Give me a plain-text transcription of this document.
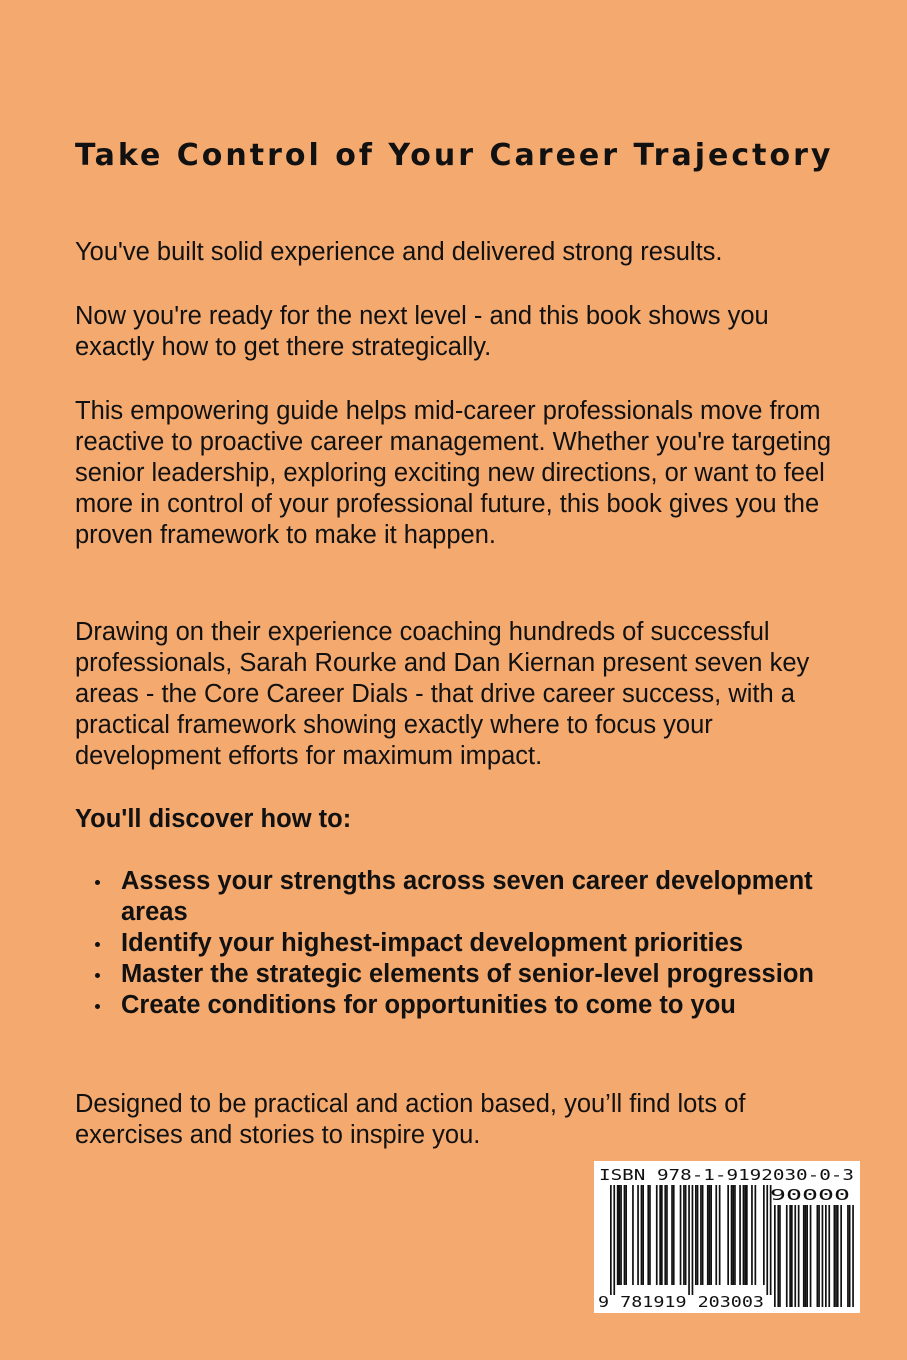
Take Control of Your Career Trajectory

You've built solid experience and delivered strong results.

Now you're ready for the next level - and this book shows you exactly how to get there strategically.

This empowering guide helps mid-career professionals move from reactive to proactive career management. Whether you're targeting senior leadership, exploring exciting new directions, or want to feel more in control of your professional future, this book gives you the proven framework to make it happen.

Drawing on their experience coaching hundreds of successful professionals, Sarah Rourke and Dan Kiernan present seven key areas - the Core Career Dials - that drive career success, with a practical framework showing exactly where to focus your development efforts for maximum impact.

You'll discover how to:

Assess your strengths across seven career development areas
Identify your highest-impact development priorities
Master the strategic elements of senior-level progression
Create conditions for opportunities to come to you

Designed to be practical and action based, you’ll find lots of exercises and stories to inspire you.

ISBN 978-1-9192030-0-3
90000
9 781919 203003
